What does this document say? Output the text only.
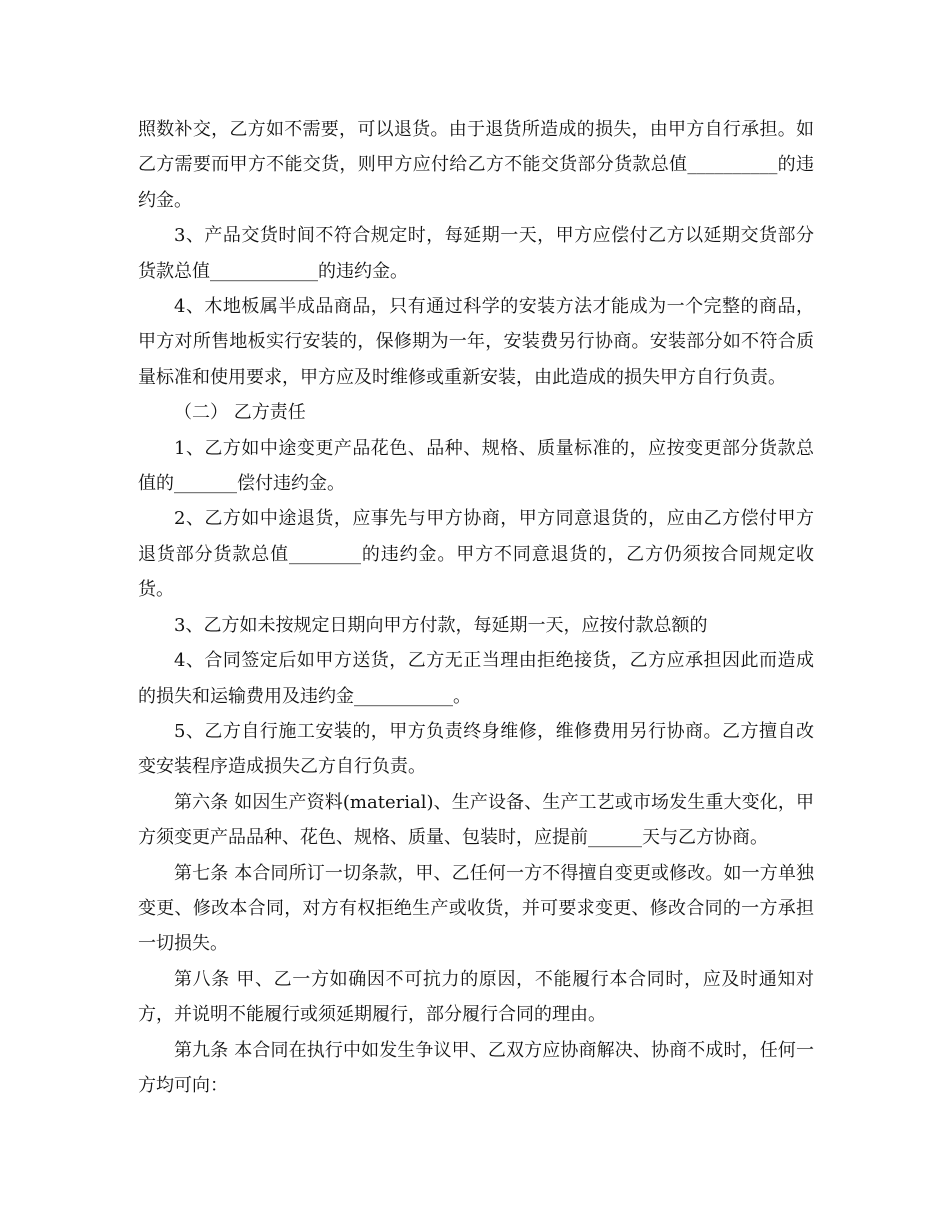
照数补交，乙方如不需要，可以退货。由于退货所造成的损失，由甲方自行承担。如乙方需要而甲方不能交货，则甲方应付给乙方不能交货部分货款总值__________的违约金。

3、产品交货时间不符合规定时，每延期一天，甲方应偿付乙方以延期交货部分货款总值____________的违约金。

4、木地板属半成品商品，只有通过科学的安装方法才能成为一个完整的商品，甲方对所售地板实行安装的，保修期为一年，安装费另行协商。安装部分如不符合质量标准和使用要求，甲方应及时维修或重新安装，由此造成的损失甲方自行负责。

（二） 乙方责任

1、乙方如中途变更产品花色、品种、规格、质量标准的，应按变更部分货款总值的_______偿付违约金。

2、乙方如中途退货，应事先与甲方协商，甲方同意退货的，应由乙方偿付甲方退货部分货款总值________的违约金。甲方不同意退货的，乙方仍须按合同规定收货。

3、乙方如未按规定日期向甲方付款，每延期一天，应按付款总额的

4、合同签定后如甲方送货，乙方无正当理由拒绝接货，乙方应承担因此而造成的损失和运输费用及违约金___________。

5、乙方自行施工安装的，甲方负责终身维修，维修费用另行协商。乙方擅自改变安装程序造成损失乙方自行负责。

第六条 如因生产资料(material)、生产设备、生产工艺或市场发生重大变化，甲方须变更产品品种、花色、规格、质量、包装时，应提前______天与乙方协商。

第七条 本合同所订一切条款，甲、乙任何一方不得擅自变更或修改。如一方单独变更、修改本合同，对方有权拒绝生产或收货，并可要求变更、修改合同的一方承担一切损失。

第八条 甲、乙一方如确因不可抗力的原因，不能履行本合同时，应及时通知对方，并说明不能履行或须延期履行，部分履行合同的理由。

第九条 本合同在执行中如发生争议甲、乙双方应协商解决、协商不成时，任何一方均可向：
